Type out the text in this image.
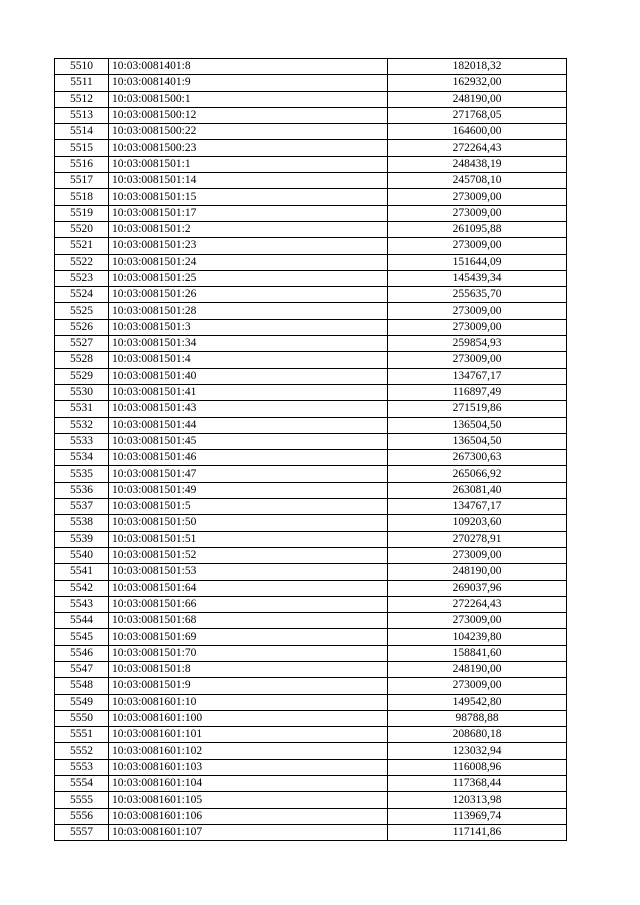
5510	10:03:0081401:8	182018,32
5511	10:03:0081401:9	162932,00
5512	10:03:0081500:1	248190,00
5513	10:03:0081500:12	271768,05
5514	10:03:0081500:22	164600,00
5515	10:03:0081500:23	272264,43
5516	10:03:0081501:1	248438,19
5517	10:03:0081501:14	245708,10
5518	10:03:0081501:15	273009,00
5519	10:03:0081501:17	273009,00
5520	10:03:0081501:2	261095,88
5521	10:03:0081501:23	273009,00
5522	10:03:0081501:24	151644,09
5523	10:03:0081501:25	145439,34
5524	10:03:0081501:26	255635,70
5525	10:03:0081501:28	273009,00
5526	10:03:0081501:3	273009,00
5527	10:03:0081501:34	259854,93
5528	10:03:0081501:4	273009,00
5529	10:03:0081501:40	134767,17
5530	10:03:0081501:41	116897,49
5531	10:03:0081501:43	271519,86
5532	10:03:0081501:44	136504,50
5533	10:03:0081501:45	136504,50
5534	10:03:0081501:46	267300,63
5535	10:03:0081501:47	265066,92
5536	10:03:0081501:49	263081,40
5537	10:03:0081501:5	134767,17
5538	10:03:0081501:50	109203,60
5539	10:03:0081501:51	270278,91
5540	10:03:0081501:52	273009,00
5541	10:03:0081501:53	248190,00
5542	10:03:0081501:64	269037,96
5543	10:03:0081501:66	272264,43
5544	10:03:0081501:68	273009,00
5545	10:03:0081501:69	104239,80
5546	10:03:0081501:70	158841,60
5547	10:03:0081501:8	248190,00
5548	10:03:0081501:9	273009,00
5549	10:03:0081601:10	149542,80
5550	10:03:0081601:100	98788,88
5551	10:03:0081601:101	208680,18
5552	10:03:0081601:102	123032,94
5553	10:03:0081601:103	116008,96
5554	10:03:0081601:104	117368,44
5555	10:03:0081601:105	120313,98
5556	10:03:0081601:106	113969,74
5557	10:03:0081601:107	117141,86
